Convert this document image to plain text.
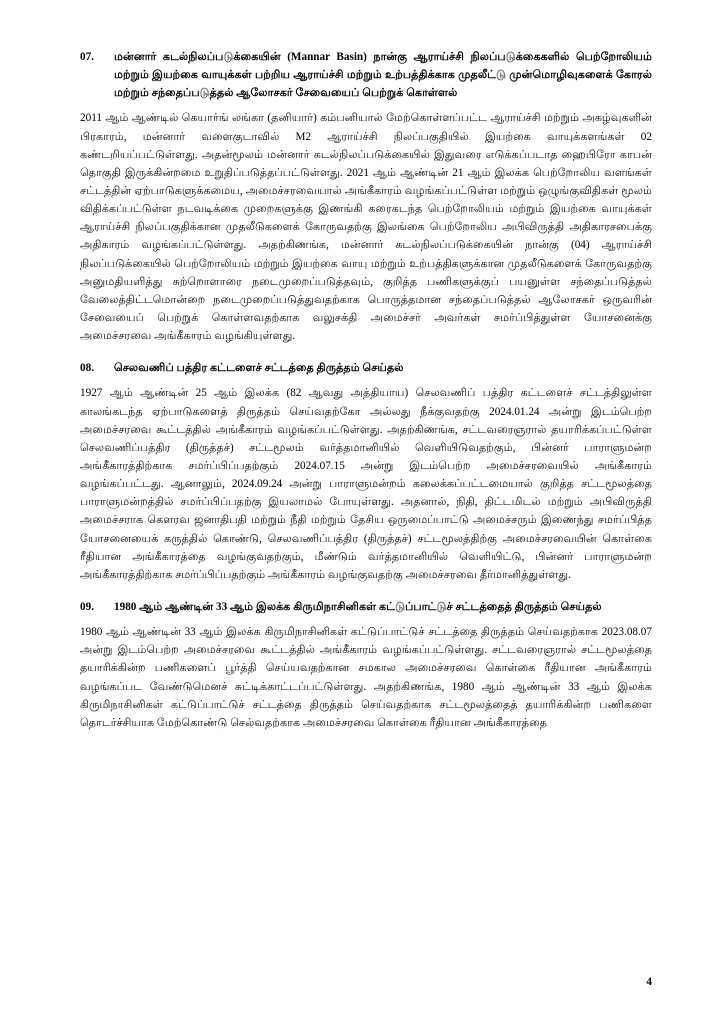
07.	மன்னார் கடல்நிலப்படுக்கையின் (Mannar Basin) நான்கு ஆராய்ச்சி நிலப்படுக்கைகளில் பெற்றோலியம் மற்றும் இயற்கை வாயுக்கள் பற்றிய ஆராய்ச்சி மற்றும் உற்பத்திக்காக முதலீட்டு முன்மொழிவுகளைக் கோரல் மற்றும் சந்தைப்படுத்தல் ஆலோசகர் சேவையைப் பெற்றுக் கொள்ளல்
2011 ஆம் ஆண்டில் கெயார்ங் லங்கா (தனியார்) கம்பனியால் மேற்கொள்ளப்பட்ட ஆராய்ச்சி மற்றும் அகழ்வுகளின் பிரகாரம், மன்னார் வளைகுடாவில் M2 ஆராய்ச்சி நிலப்பகுதியில் இயற்கை வாயுக்களங்கள் 02 கண்டறியப்பட்டுள்ளது. அதன்மூலம் மன்னார் கடல்நிலப்படுக்கையில் இதுவரை எடுக்கப்படாத ஹைபிரோ காபன் தொகுதி இருக்கின்றமை உறுதிப்படுத்தப்பட்டுள்ளது. 2021 ஆம் ஆண்டின் 21 ஆம் இலக்க பெற்றோலிய வளங்கள் சட்டத்தின் ஏற்பாடுகளுக்கமைய, அமைச்சரவையால் அங்கீகாரம் வழங்கப்பட்டுள்ள மற்றும் ஒழுங்குவிதிகள் மூலம் விதிக்கப்பட்டுள்ள நடவடிக்கை முறைகளுக்கு இணங்கி கரைகடந்த பெற்றோலியம் மற்றும் இயற்கை வாயுக்கள் ஆராய்ச்சி நிலப்பகுதிக்கான முதலீடுகளைக் கோருவதற்கு இலங்கை பெற்றோலிய அபிவிருத்தி அதிகாரசபைக்கு அதிகாரம் வழங்கப்பட்டுள்ளது. அதற்கிணங்க, மன்னார் கடல்நிலப்படுக்கையின் நான்கு (04) ஆராய்ச்சி நிலப்படுக்கையில் பெற்றோலியம் மற்றும் இயற்கை வாயு மற்றும் உற்பத்திகளுக்கான முதலீடுகளைக் கோருவதற்கு அனுமதியளித்து சுற்றொளாரை நடைமுறைப்படுத்தவும், குறித்த பணிகளுக்குப் பயனுள்ள சந்தைப்படுத்தல் வேலைத்திட்டமொன்றை நடைமுறைப்படுத்துவதற்காக பொருத்தமான சந்தைப்படுத்தல் ஆலோசகர் ஒருவரின் சேவையைப் பெற்றுக் கொள்ளவதற்காக வலுசக்தி அமைச்சர் அவர்கள் சமர்ப்பித்துள்ள யோசனைக்கு அமைச்சரவை அங்கீகாரம் வழங்கியுள்ளது.
08.	செலவணிப் பத்திர கட்டளைச் சட்டத்தை திருத்தம் செய்தல்
1927 ஆம் ஆண்டின் 25 ஆம் இலக்க (82 ஆவது அத்தியாய) செலவணிப் பத்திர கட்டளைச் சட்டத்திலுள்ள காலங்கடந்த ஏற்பாடுகளைத் திருத்தம் செய்வதற்கோ அல்லது நீக்குவதற்கு 2024.01.24 அன்று இடம்பெற்ற அமைச்சரவை கூட்டத்தில் அங்கீகாரம் வழங்கப்பட்டுள்ளது. அதற்கிணங்க, சட்டவரைஞரால் தயாரிக்கப்பட்டுள்ள செலவணிப்பத்திர (திருத்தச்) சட்டமூலம் வர்த்தமானியில் வெளியிடுவதற்கும், பின்னர் பாராளுமன்ற அங்கீகாரத்திற்காக சமர்ப்பிப்பதற்கும் 2024.07.15 அன்று இடம்பெற்ற அமைச்சரவையில் அங்கீகாரம் வழங்கப்பட்டது. ஆனாலும், 2024.09.24 அன்று பாராளுமன்றம் கலைக்கப்பட்டமையால் குறித்த சட்டமூலத்தை பாராளுமன்றத்தில் சமர்ப்பிப்பதற்கு இயலாமல் போயுள்ளது. அதனால், நிதி, திட்டமிடல் மற்றும் அபிவிருத்தி அமைச்சராக கௌரவ ஜனாதிபதி மற்றும் நீதி மற்றும் தேசிய ஒருமைப்பாட்டு அமைச்சரும் இணைந்து சமர்ப்பித்த யோசனையைக் கருத்தில் கொண்டு, செலவணிப்பத்திர (திருத்தச்) சட்டமூலத்திற்கு அமைச்சரவையின் கொள்கை ரீதியான அங்கீகாரத்தை வழங்குவதற்கும், மீண்டும் வர்த்தமானியில் வெளியிட்டு, பின்னர் பாராளுமன்ற அங்கீகாரத்திற்காக சமர்ப்பிப்பதற்கும் அங்கீகாரம் வழங்குவதற்கு அமைச்சரவை தீர்மானித்துள்ளது.
09.	1980 ஆம் ஆண்டின் 33 ஆம் இலக்க கிருமிநாசினிகள் கட்டுப்பாட்டுச் சட்டத்தைத் திருத்தம் செய்தல்
1980 ஆம் ஆண்டின் 33 ஆம் இலக்க கிருமிநாசினிகள் கட்டுப்பாட்டுச் சட்டத்தை திருத்தம் செய்வதற்காக 2023.08.07 அன்று இடம்பெற்ற அமைச்சரவை கூட்டத்தில் அங்கீகாரம் வழங்கப்பட்டுள்ளது. சட்டவரைஞரால் சட்டமூலத்தை தயாரிக்கின்ற பணிகளைப் பூர்த்தி செய்யவதற்கான சமகால அமைச்சரவை கொள்கை ரீதியான அங்கீகாரம் வழங்கப்பட வேண்டுமெனச் சுட்டிக்காட்டப்பட்டுள்ளது. அதற்கிணங்க, 1980 ஆம் ஆண்டின் 33 ஆம் இலக்க கிருமிநாசினிகள் கட்டுப்பாட்டுச் சட்டத்தை திருத்தம் செய்வதற்காக சட்டமூலத்தைத் தயாரிக்கின்ற பணிகளை தொடர்ச்சியாக மேற்கொண்டு செல்வதற்காக அமைச்சரவை கொள்கை ரீதியான அங்கீகாரத்தை
4
